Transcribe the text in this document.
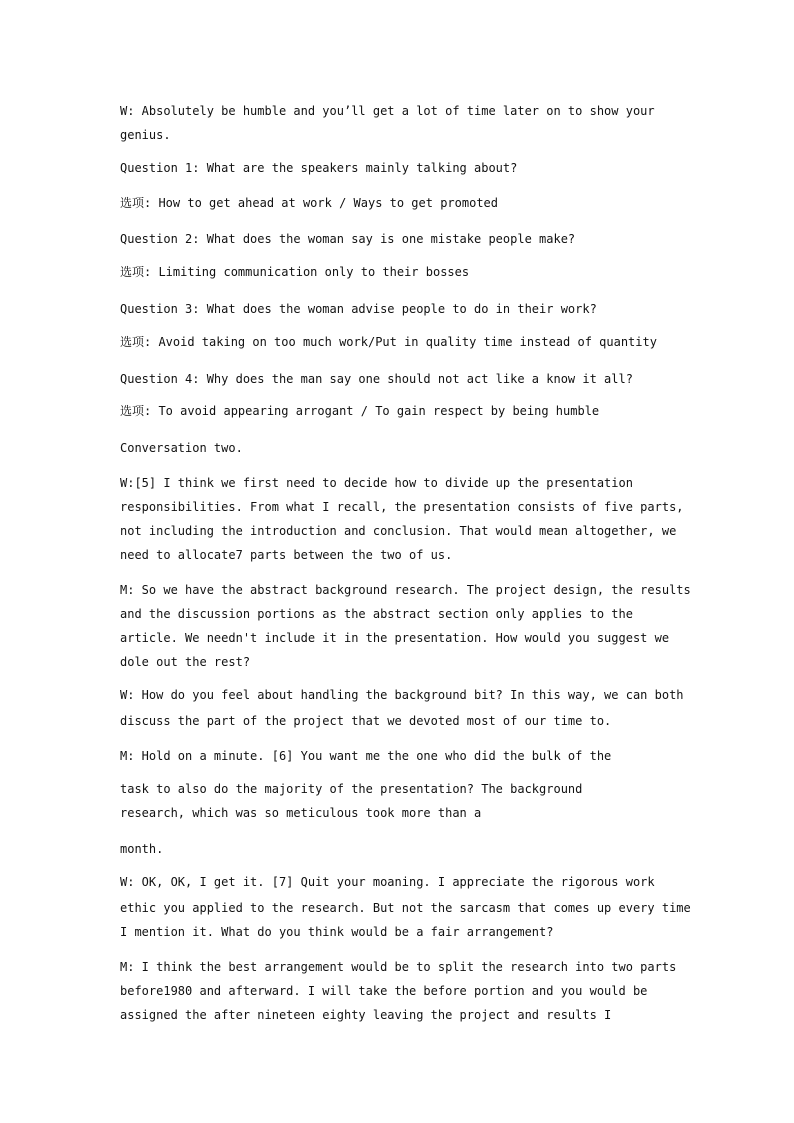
W: Absolutely be humble and you’ll get a lot of time later on to show your
genius.
Question 1: What are the speakers mainly talking about?
选项: How to get ahead at work / Ways to get promoted
Question 2: What does the woman say is one mistake people make?
选项: Limiting communication only to their bosses
Question 3: What does the woman advise people to do in their work?
选项: Avoid taking on too much work/Put in quality time instead of quantity
Question 4: Why does the man say one should not act like a know it all?
选项: To avoid appearing arrogant / To gain respect by being humble
Conversation two.
W:[5] I think we first need to decide how to divide up the presentation
responsibilities. From what I recall, the presentation consists of five parts,
not including the introduction and conclusion. That would mean altogether, we
need to allocate7 parts between the two of us.
M: So we have the abstract background research. The project design, the results
and the discussion portions as the abstract section only applies to the
article. We needn't include it in the presentation. How would you suggest we
dole out the rest?
W: How do you feel about handling the background bit? In this way, we can both
discuss the part of the project that we devoted most of our time to.
M: Hold on a minute. [6] You want me the one who did the bulk of the
task to also do the majority of the presentation? The background
research, which was so meticulous took more than a
month.
W: OK, OK, I get it. [7] Quit your moaning. I appreciate the rigorous work
ethic you applied to the research. But not the sarcasm that comes up every time
I mention it. What do you think would be a fair arrangement?
M: I think the best arrangement would be to split the research into two parts
before1980 and afterward. I will take the before portion and you would be
assigned the after nineteen eighty leaving the project and results I
